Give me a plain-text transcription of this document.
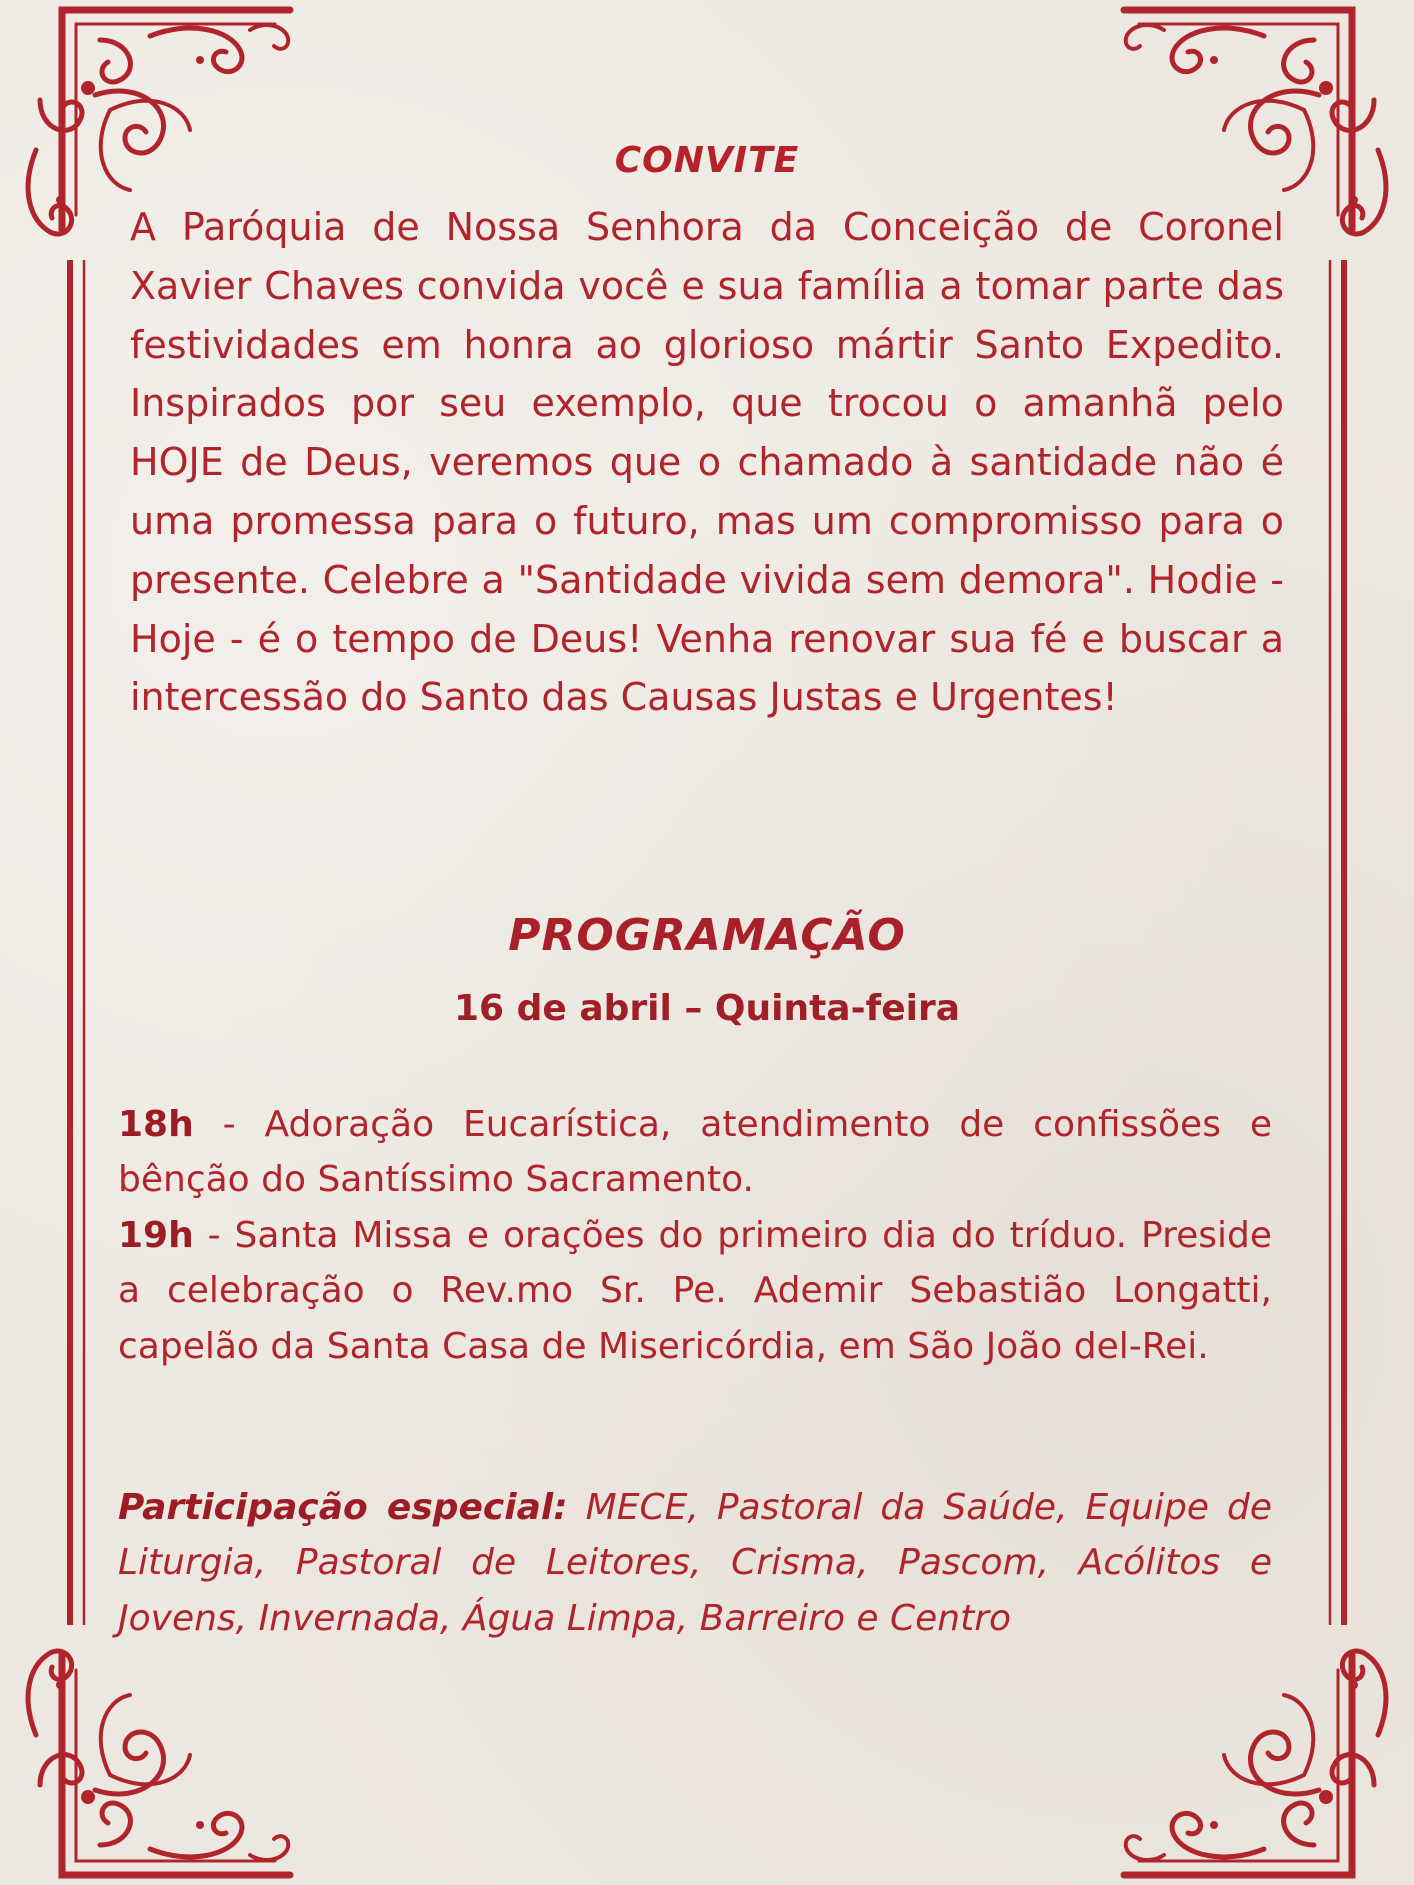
CONVITE

A Paróquia de Nossa Senhora da Conceição de Coronel Xavier Chaves convida você e sua família a tomar parte das festividades em honra ao glorioso mártir Santo Expedito. Inspirados por seu exemplo, que trocou o amanhã pelo HOJE de Deus, veremos que o chamado à santidade não é uma promessa para o futuro, mas um compromisso para o presente. Celebre a "Santidade vivida sem demora". Hodie - Hoje - é o tempo de Deus! Venha renovar sua fé e buscar a intercessão do Santo das Causas Justas e Urgentes!

PROGRAMAÇÃO
16 de abril – Quinta-feira

18h - Adoração Eucarística, atendimento de confissões e bênção do Santíssimo Sacramento.
19h - Santa Missa e orações do primeiro dia do tríduo. Preside a celebração o Rev.mo Sr. Pe. Ademir Sebastião Longatti, capelão da Santa Casa de Misericórdia, em São João del-Rei.

Participação especial: MECE, Pastoral da Saúde, Equipe de Liturgia, Pastoral de Leitores, Crisma, Pascom, Acólitos e Jovens, Invernada, Água Limpa, Barreiro e Centro
